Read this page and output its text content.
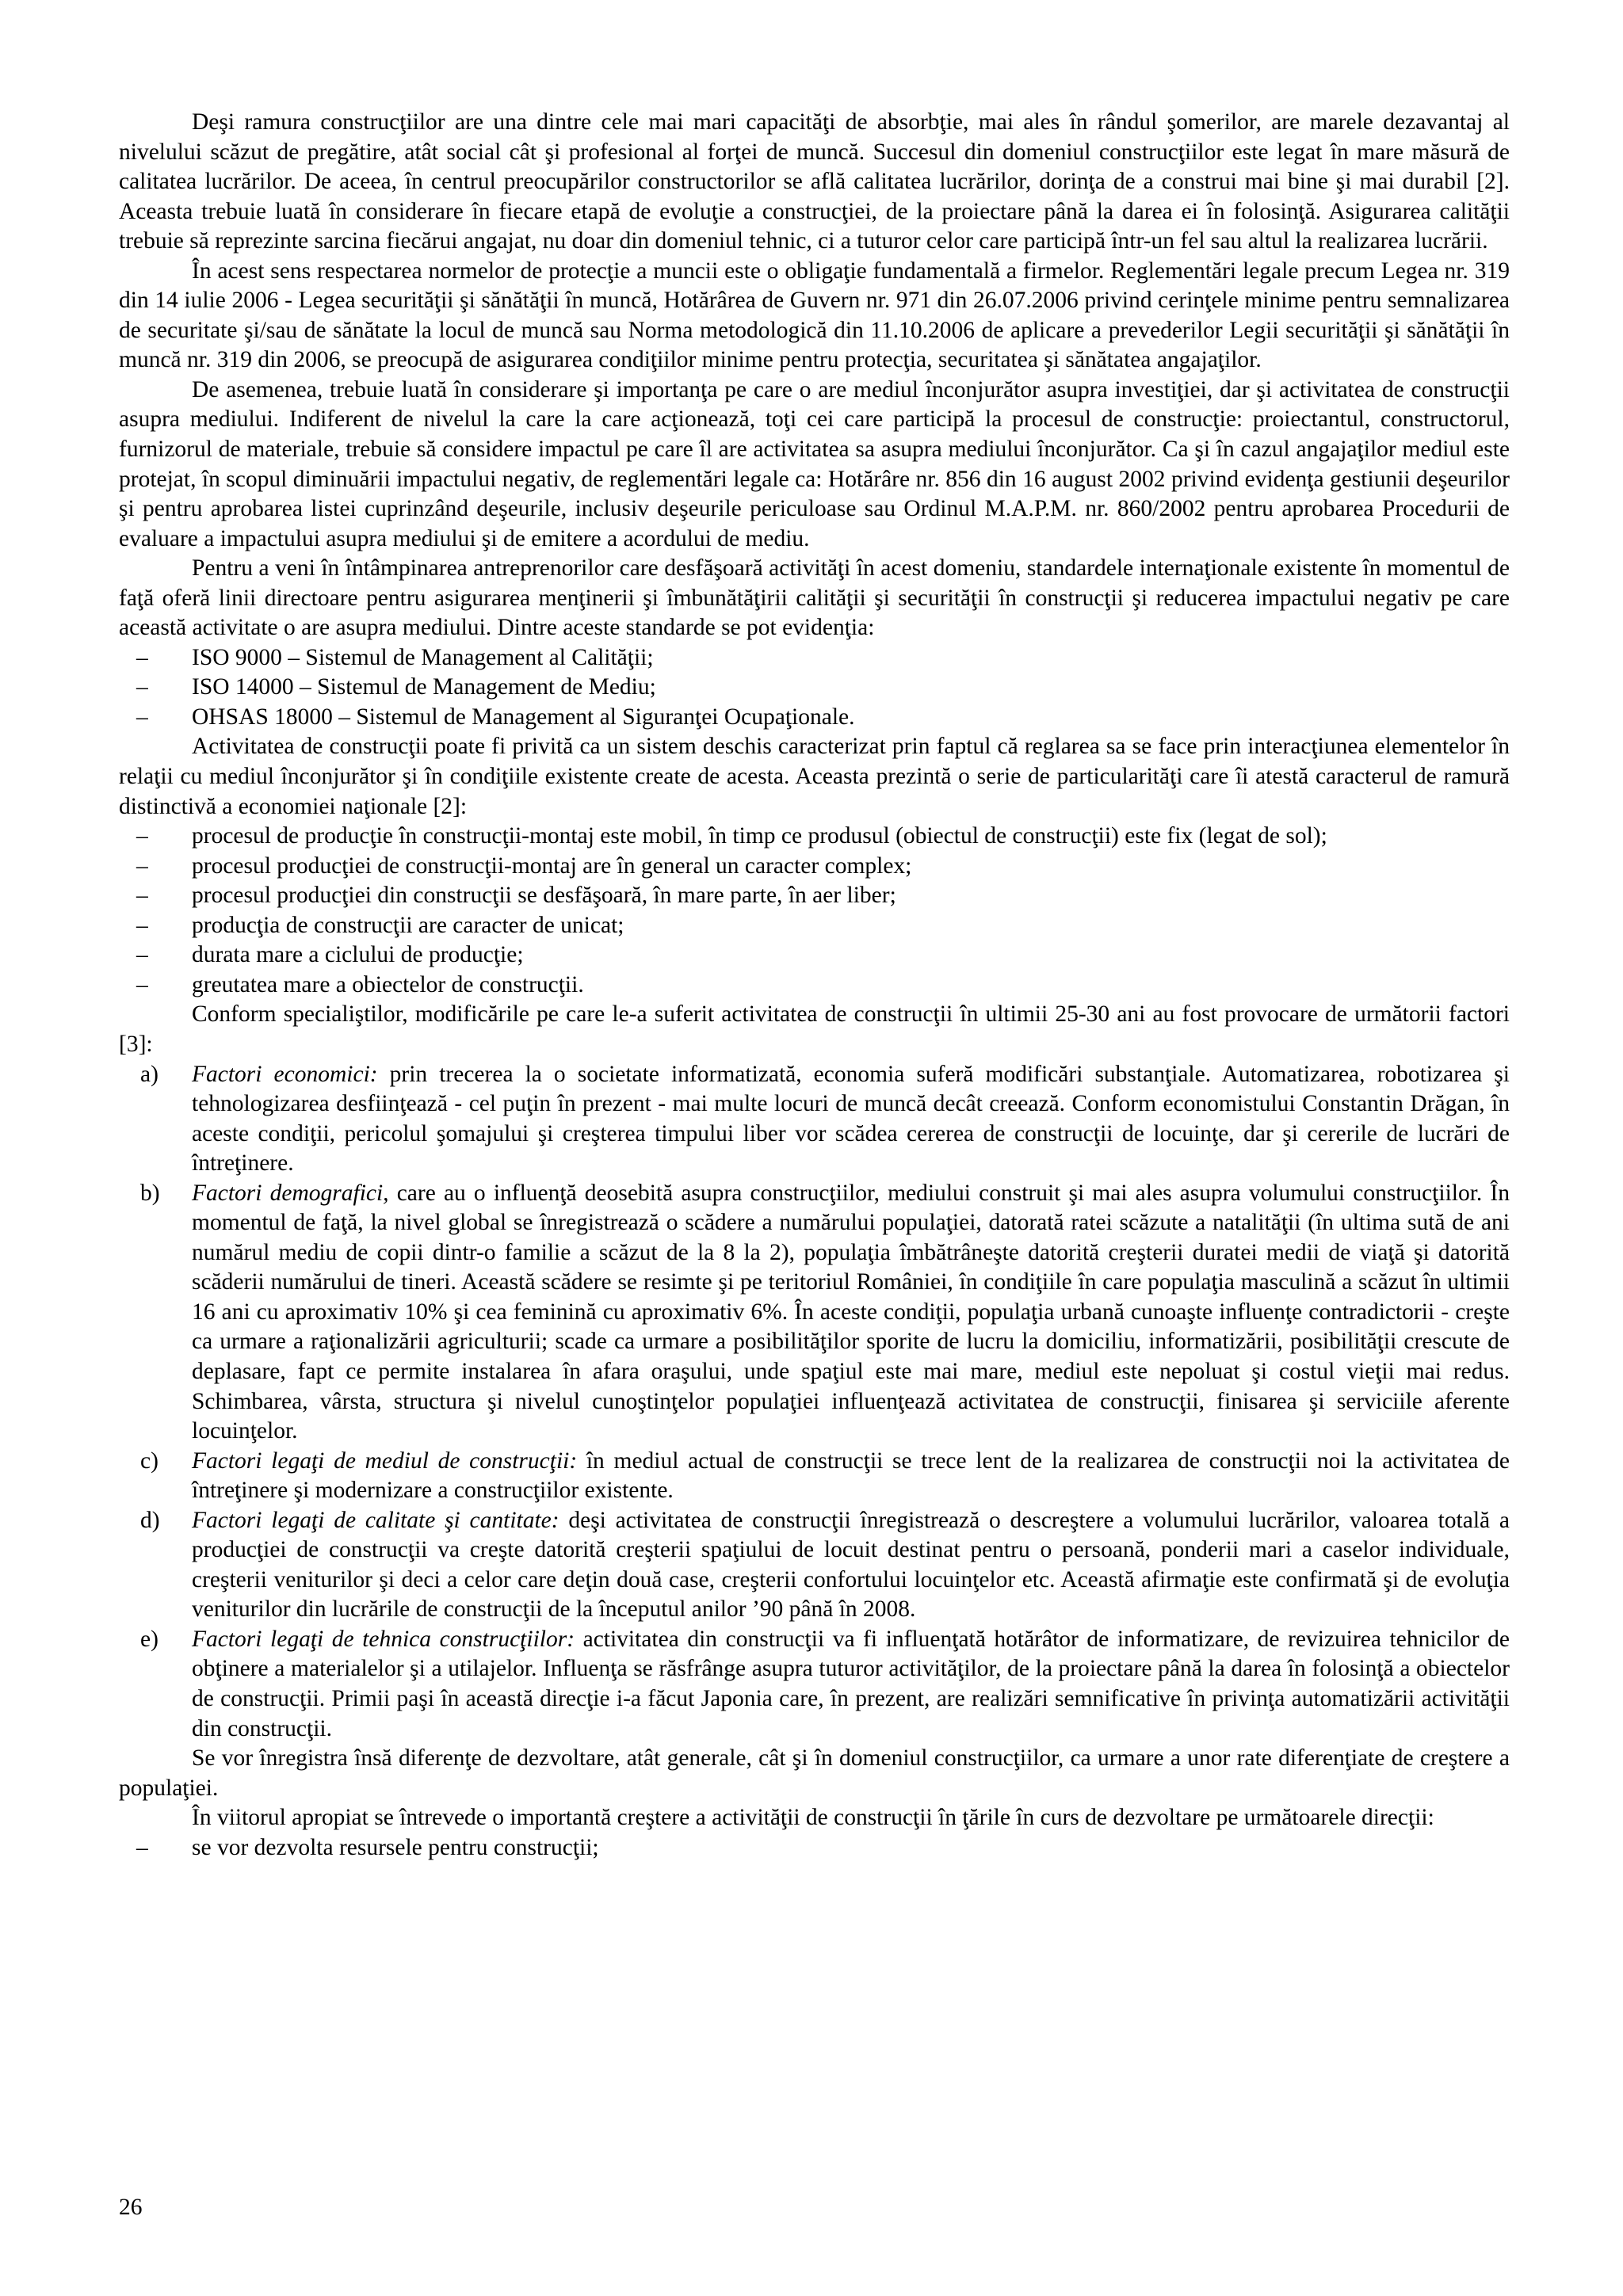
Deşi ramura construcţiilor are una dintre cele mai mari capacităţi de absorbţie, mai ales în rândul şomerilor, are marele dezavantaj al nivelului scăzut de pregătire, atât social cât şi profesional al forţei de muncă. Succesul din domeniul construcţiilor este legat în mare măsură de calitatea lucrărilor. De aceea, în centrul preocupărilor constructorilor se află calitatea lucrărilor, dorinţa de a construi mai bine şi mai durabil [2]. Aceasta trebuie luată în considerare în fiecare etapă de evoluţie a construcţiei, de la proiectare până la darea ei în folosinţă. Asigurarea calităţii trebuie să reprezinte sarcina fiecărui angajat, nu doar din domeniul tehnic, ci a tuturor celor care participă într-un fel sau altul la realizarea lucrării.

În acest sens respectarea normelor de protecţie a muncii este o obligaţie fundamentală a firmelor. Reglementări legale precum Legea nr. 319 din 14 iulie 2006 - Legea securităţii şi sănătăţii în muncă, Hotărârea de Guvern nr. 971 din 26.07.2006 privind cerinţele minime pentru semnalizarea de securitate şi/sau de sănătate la locul de muncă sau Norma metodologică din 11.10.2006 de aplicare a prevederilor Legii securităţii şi sănătăţii în muncă nr. 319 din 2006, se preocupă de asigurarea condiţiilor minime pentru protecţia, securitatea şi sănătatea angajaţilor.

De asemenea, trebuie luată în considerare şi importanţa pe care o are mediul înconjurător asupra investiţiei, dar şi activitatea de construcţii asupra mediului. Indiferent de nivelul la care la care acţionează, toţi cei care participă la procesul de construcţie: proiectantul, constructorul, furnizorul de materiale, trebuie să considere impactul pe care îl are activitatea sa asupra mediului înconjurător. Ca şi în cazul angajaţilor mediul este protejat, în scopul diminuării impactului negativ, de reglementări legale ca: Hotărâre nr. 856 din 16 august 2002 privind evidenţa gestiunii deşeurilor şi pentru aprobarea listei cuprinzând deşeurile, inclusiv deşeurile periculoase sau Ordinul M.A.P.M. nr. 860/2002 pentru aprobarea Procedurii de evaluare a impactului asupra mediului şi de emitere a acordului de mediu.

Pentru a veni în întâmpinarea antreprenorilor care desfăşoară activităţi în acest domeniu, standardele internaţionale existente în momentul de faţă oferă linii directoare pentru asigurarea menţinerii şi îmbunătăţirii calităţii şi securităţii în construcţii şi reducerea impactului negativ pe care această activitate o are asupra mediului. Dintre aceste standarde se pot evidenţia:

– ISO 9000 – Sistemul de Management al Calităţii;
– ISO 14000 – Sistemul de Management de Mediu;
– OHSAS 18000 – Sistemul de Management al Siguranţei Ocupaţionale.

Activitatea de construcţii poate fi privită ca un sistem deschis caracterizat prin faptul că reglarea sa se face prin interacţiunea elementelor în relaţii cu mediul înconjurător şi în condiţiile existente create de acesta. Aceasta prezintă o serie de particularităţi care îi atestă caracterul de ramură distinctivă a economiei naţionale [2]:

– procesul de producţie în construcţii-montaj este mobil, în timp ce produsul (obiectul de construcţii) este fix (legat de sol);
– procesul producţiei de construcţii-montaj are în general un caracter complex;
– procesul producţiei din construcţii se desfăşoară, în mare parte, în aer liber;
– producţia de construcţii are caracter de unicat;
– durata mare a ciclului de producţie;
– greutatea mare a obiectelor de construcţii.

Conform specialiştilor, modificările pe care le-a suferit activitatea de construcţii în ultimii 25-30 ani au fost provocare de următorii factori [3]:

a) Factori economici: prin trecerea la o societate informatizată, economia suferă modificări substanţiale. Automatizarea, robotizarea şi tehnologizarea desfiinţează - cel puţin în prezent - mai multe locuri de muncă decât creează. Conform economistului Constantin Drăgan, în aceste condiţii, pericolul şomajului şi creşterea timpului liber vor scădea cererea de construcţii de locuinţe, dar şi cererile de lucrări de întreţinere.
b) Factori demografici, care au o influenţă deosebită asupra construcţiilor, mediului construit şi mai ales asupra volumului construcţiilor. În momentul de faţă, la nivel global se înregistrează o scădere a numărului populaţiei, datorată ratei scăzute a natalităţii (în ultima sută de ani numărul mediu de copii dintr-o familie a scăzut de la 8 la 2), populaţia îmbătrâneşte datorită creşterii duratei medii de viaţă şi datorită scăderii numărului de tineri. Această scădere se resimte şi pe teritoriul României, în condiţiile în care populaţia masculină a scăzut în ultimii 16 ani cu aproximativ 10% şi cea feminină cu aproximativ 6%. În aceste condiţii, populaţia urbană cunoaşte influenţe contradictorii - creşte ca urmare a raţionalizării agriculturii; scade ca urmare a posibilităţilor sporite de lucru la domiciliu, informatizării, posibilităţii crescute de deplasare, fapt ce permite instalarea în afara oraşului, unde spaţiul este mai mare, mediul este nepoluat şi costul vieţii mai redus. Schimbarea, vârsta, structura şi nivelul cunoştinţelor populaţiei influenţează activitatea de construcţii, finisarea şi serviciile aferente locuinţelor.
c) Factori legaţi de mediul de construcţii: în mediul actual de construcţii se trece lent de la realizarea de construcţii noi la activitatea de întreţinere şi modernizare a construcţiilor existente.
d) Factori legaţi de calitate şi cantitate: deşi activitatea de construcţii înregistrează o descreştere a volumului lucrărilor, valoarea totală a producţiei de construcţii va creşte datorită creşterii spaţiului de locuit destinat pentru o persoană, ponderii mari a caselor individuale, creşterii veniturilor şi deci a celor care deţin două case, creşterii confortului locuinţelor etc. Această afirmaţie este confirmată şi de evoluţia veniturilor din lucrările de construcţii de la începutul anilor ’90 până în 2008.
e) Factori legaţi de tehnica construcţiilor: activitatea din construcţii va fi influenţată hotărâtor de informatizare, de revizuirea tehnicilor de obţinere a materialelor şi a utilajelor. Influenţa se răsfrânge asupra tuturor activităţilor, de la proiectare până la darea în folosinţă a obiectelor de construcţii. Primii paşi în această direcţie i-a făcut Japonia care, în prezent, are realizări semnificative în privinţa automatizării activităţii din construcţii.

Se vor înregistra însă diferenţe de dezvoltare, atât generale, cât şi în domeniul construcţiilor, ca urmare a unor rate diferenţiate de creştere a populaţiei.

În viitorul apropiat se întrevede o importantă creştere a activităţii de construcţii în ţările în curs de dezvoltare pe următoarele direcţii:

– se vor dezvolta resursele pentru construcţii;
26
